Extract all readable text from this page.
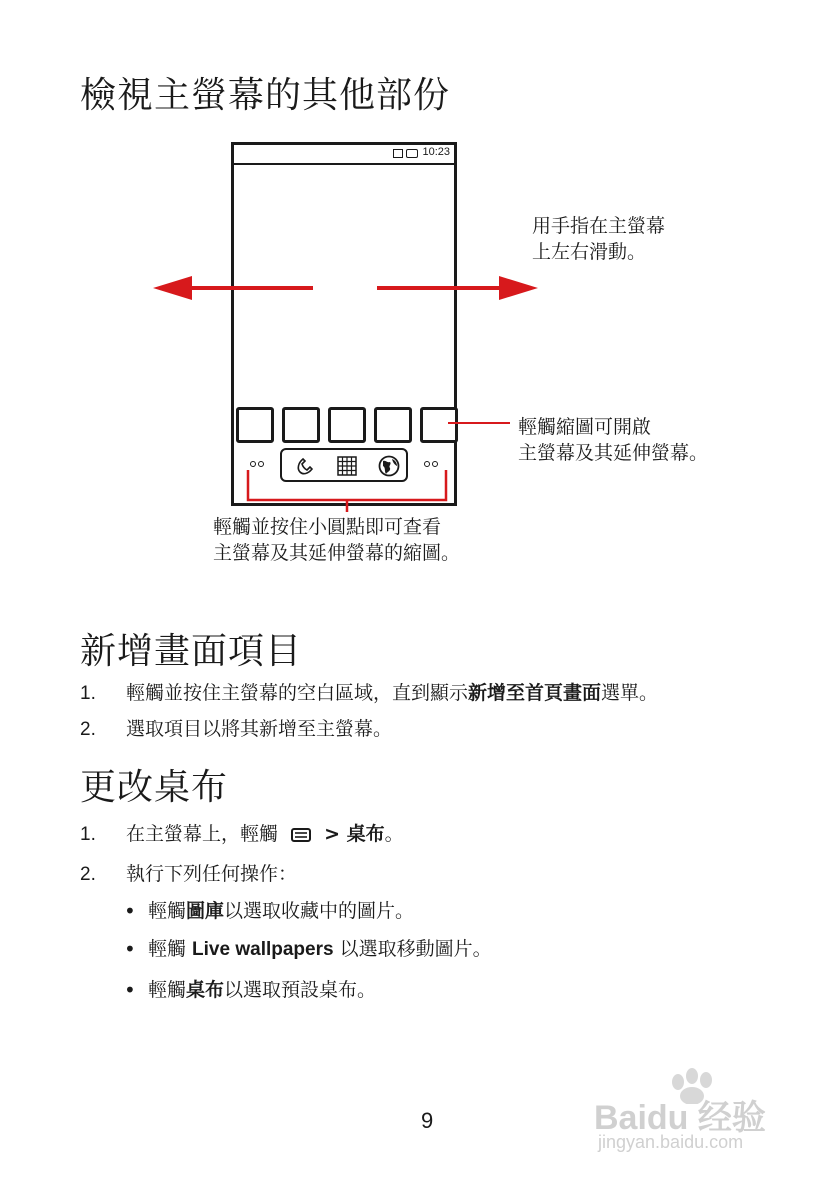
檢視主螢幕的其他部份
10:23
用手指在主螢幕
上左右滑動。
輕觸縮圖可開啟
主螢幕及其延伸螢幕。
輕觸並按住小圓點即可查看
主螢幕及其延伸螢幕的縮圖。
新增畫面項目
1. 輕觸並按住主螢幕的空白區域，直到顯示新增至首頁畫面選單。
2. 選取項目以將其新增至主螢幕。
更改桌布
1. 在主螢幕上，輕觸 > 桌布。
2. 執行下列任何操作：
• 輕觸圖庫以選取收藏中的圖片。
• 輕觸 Live wallpapers 以選取移動圖片。
• 輕觸桌布以選取預設桌布。
9	Baidu 经验
jingyan.baidu.com
